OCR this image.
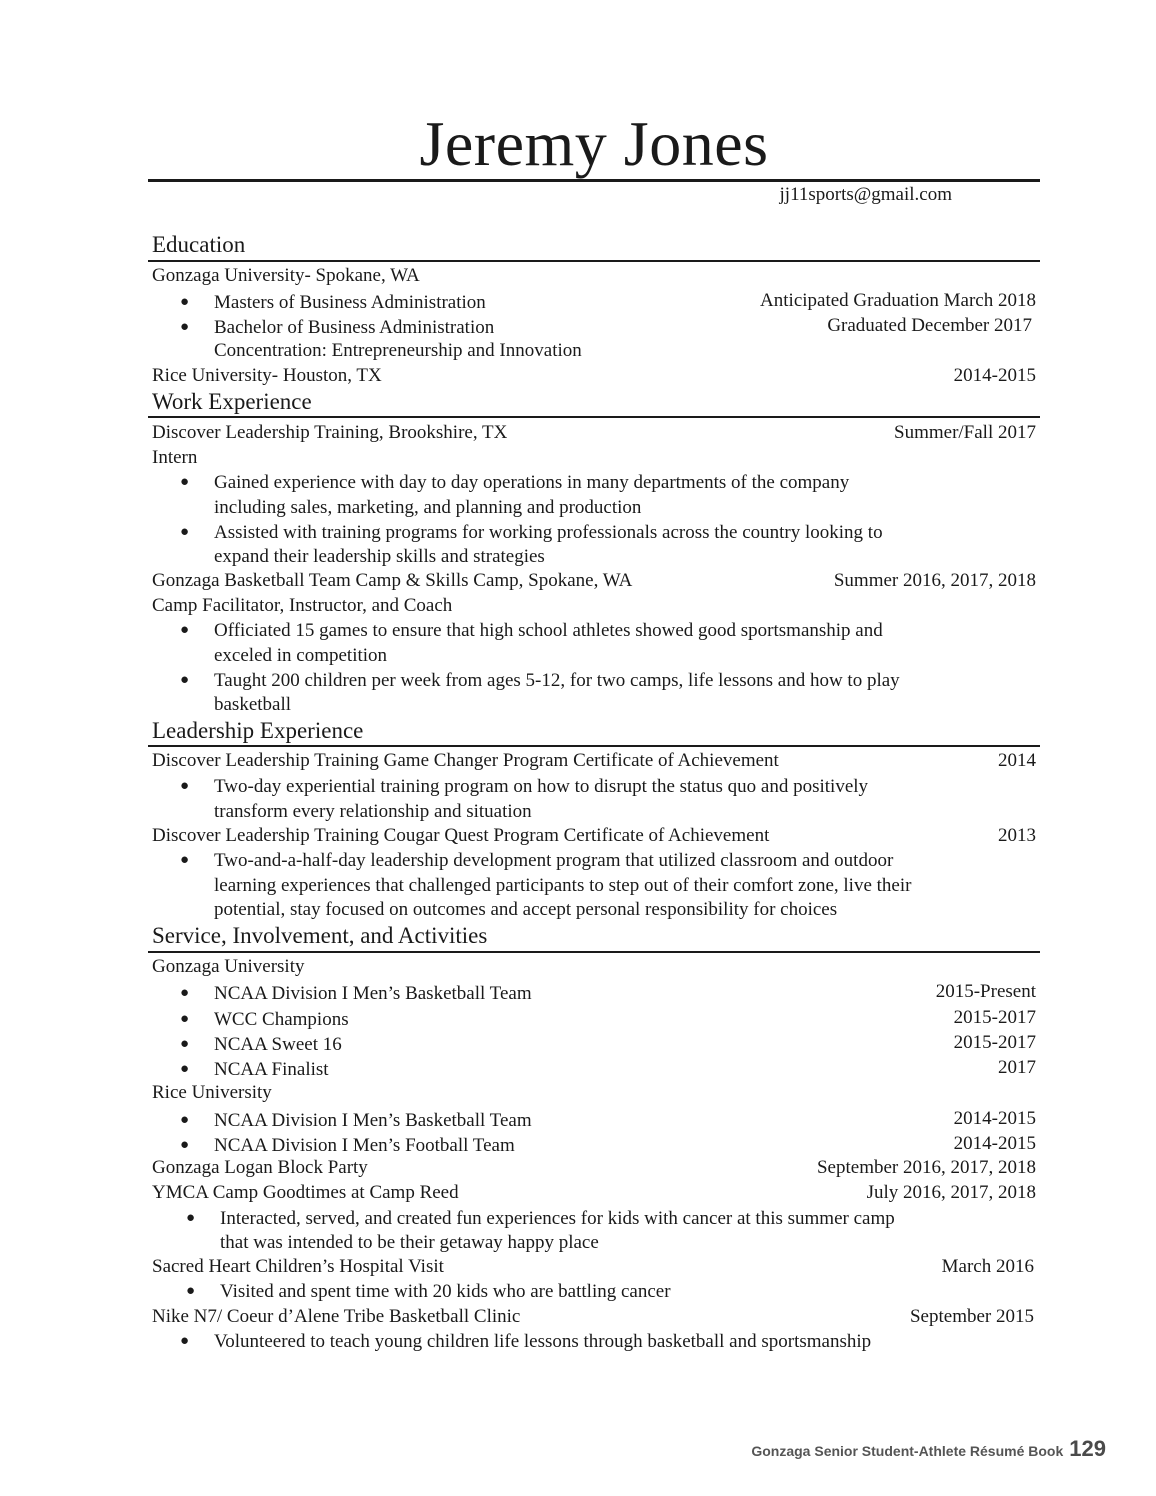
Jeremy Jones
jj11sports@gmail.com
Education
Gonzaga University- Spokane, WA
●	Masters of Business Administration	Anticipated Graduation March 2018
●	Bachelor of Business Administration	Graduated December 2017
Concentration: Entrepreneurship and Innovation
Rice University- Houston, TX	2014-2015
Work Experience
Discover Leadership Training, Brookshire, TX	Summer/Fall 2017
Intern
●	Gained experience with day to day operations in many departments of the company
including sales, marketing, and planning and production
●	Assisted with training programs for working professionals across the country looking to
expand their leadership skills and strategies
Gonzaga Basketball Team Camp & Skills Camp, Spokane, WA	Summer 2016, 2017, 2018
Camp Facilitator, Instructor, and Coach
●	Officiated 15 games to ensure that high school athletes showed good sportsmanship and
exceled in competition
●	Taught 200 children per week from ages 5-12, for two camps, life lessons and how to play
basketball
Leadership Experience
Discover Leadership Training Game Changer Program Certificate of Achievement	2014
●	Two-day experiential training program on how to disrupt the status quo and positively
transform every relationship and situation
Discover Leadership Training Cougar Quest Program Certificate of Achievement	2013
●	Two-and-a-half-day leadership development program that utilized classroom and outdoor
learning experiences that challenged participants to step out of their comfort zone, live their
potential, stay focused on outcomes and accept personal responsibility for choices
Service, Involvement, and Activities
Gonzaga University
●	NCAA Division I Men’s Basketball Team	2015-Present
●	WCC Champions	2015-2017
●	NCAA Sweet 16	2015-2017
●	NCAA Finalist	2017
Rice University
●	NCAA Division I Men’s Basketball Team	2014-2015
●	NCAA Division I Men’s Football Team	2014-2015
Gonzaga Logan Block Party	September 2016, 2017, 2018
YMCA Camp Goodtimes at Camp Reed	July 2016, 2017, 2018
●	Interacted, served, and created fun experiences for kids with cancer at this summer camp
that was intended to be their getaway happy place
Sacred Heart Children’s Hospital Visit	March 2016
●	Visited and spent time with 20 kids who are battling cancer
Nike N7/ Coeur d’Alene Tribe Basketball Clinic	September 2015
●	Volunteered to teach young children life lessons through basketball and sportsmanship
Gonzaga Senior Student-Athlete Résumé Book 129
